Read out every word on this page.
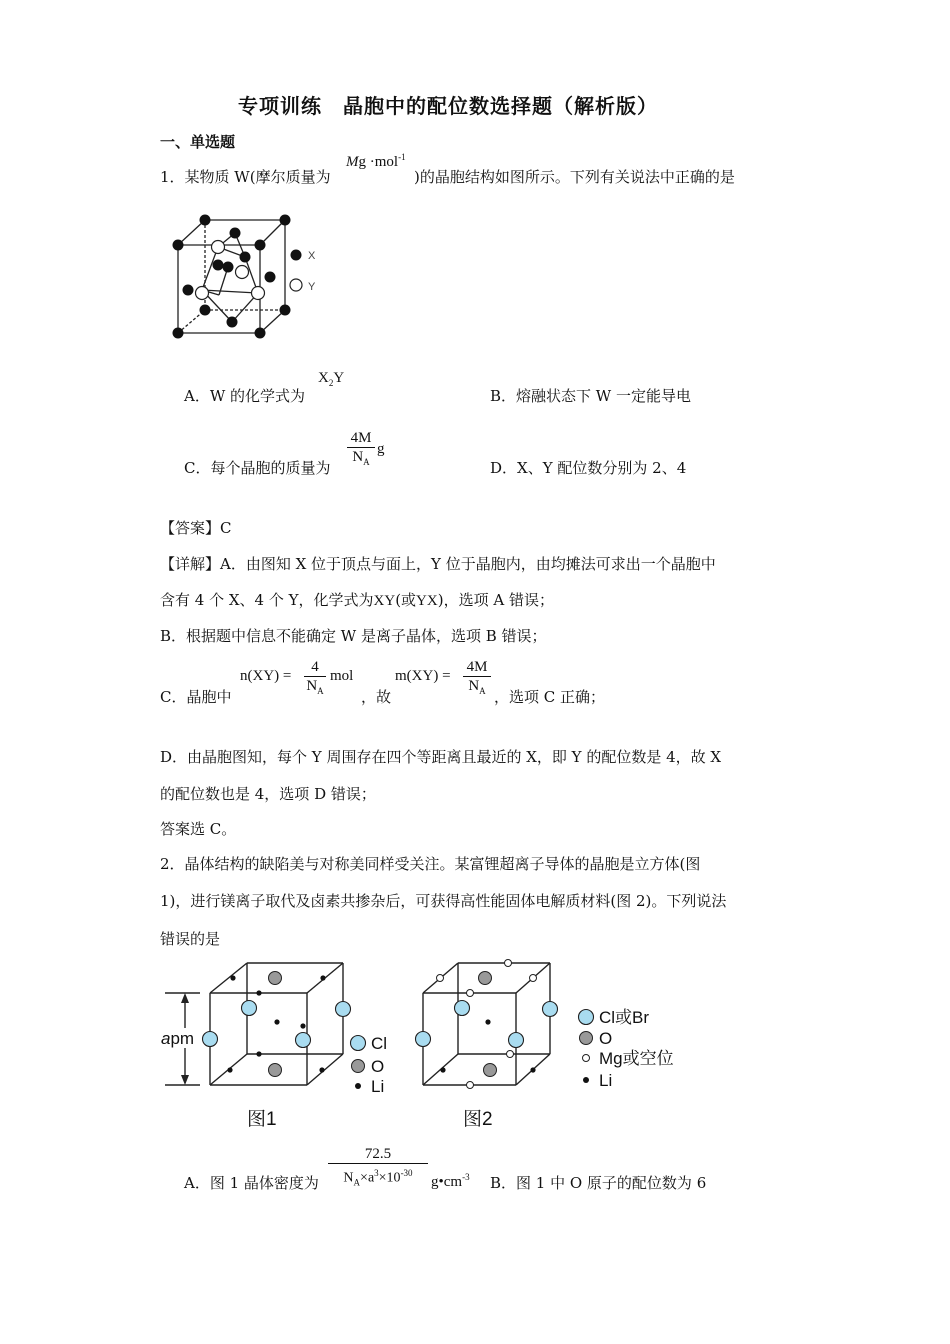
专项训练　晶胞中的配位数选择题（解析版）
一、单选题
1．某物质 W(摩尔质量为
Mg ·mol$^{-1}$
)的晶胞结构如图所示。下列有关说法中正确的是
X
Y
A．W 的化学式为
$X_2Y$
B．熔融状态下 W 一定能导电
C．每个晶胞的质量为
4M
$N_A$
g
D．X、Y 配位数分别为 2、4
【答案】C
【详解】A．由图知 X 位于顶点与面上，Y 位于晶胞内，由均摊法可求出一个晶胞中
含有 4 个 X、4 个 Y，化学式为XY(或YX)，选项 A 错误；
B．根据题中信息不能确定 W 是离子晶体，选项 B 错误；
C．晶胞中
n(XY) =
4
$N_A$
mol
，故
m(XY) =
4M
$N_A$ ，选项 C 正确；
D．由晶胞图知，每个 Y 周围存在四个等距离且最近的 X，即 Y 的配位数是 4，故 X
的配位数也是 4，选项 D 错误；
答案选 C。
2．晶体结构的缺陷美与对称美同样受关注。某富锂超离子导体的晶胞是立方体(图
1)，进行镁离子取代及卤素共掺杂后，可获得高性能固体电解质材料(图 2)。下列说法
错误的是
apm	Cl
O
Li
图1
Cl或Br
O
Mg或空位
Li
图2
A．图 1 晶体密度为
72.5
$N_A\times a^3\times 10^{-30}$
$g•cm^{-3}$ B．图 1 中 O 原子的配位数为 6
